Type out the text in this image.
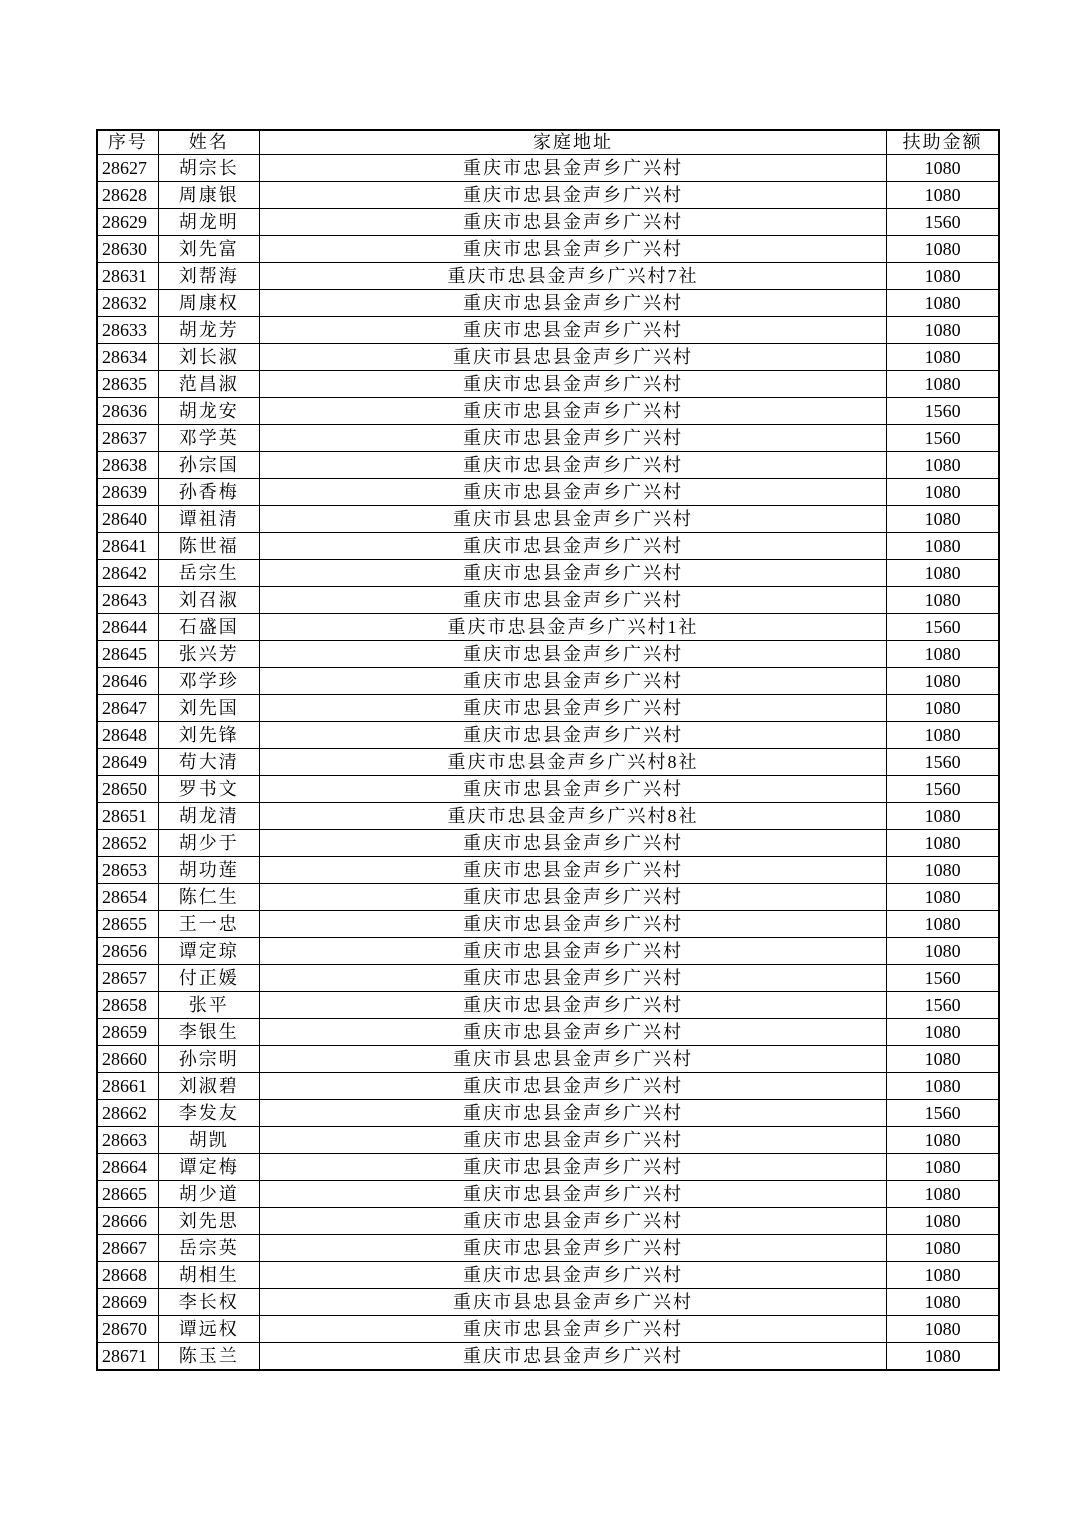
序号	姓名	家庭地址	扶助金额
28627	胡宗长	重庆市忠县金声乡广兴村	1080
28628	周康银	重庆市忠县金声乡广兴村	1080
28629	胡龙明	重庆市忠县金声乡广兴村	1560
28630	刘先富	重庆市忠县金声乡广兴村	1080
28631	刘帮海	重庆市忠县金声乡广兴村7社	1080
28632	周康权	重庆市忠县金声乡广兴村	1080
28633	胡龙芳	重庆市忠县金声乡广兴村	1080
28634	刘长淑	重庆市县忠县金声乡广兴村	1080
28635	范昌淑	重庆市忠县金声乡广兴村	1080
28636	胡龙安	重庆市忠县金声乡广兴村	1560
28637	邓学英	重庆市忠县金声乡广兴村	1560
28638	孙宗国	重庆市忠县金声乡广兴村	1080
28639	孙香梅	重庆市忠县金声乡广兴村	1080
28640	谭祖清	重庆市县忠县金声乡广兴村	1080
28641	陈世福	重庆市忠县金声乡广兴村	1080
28642	岳宗生	重庆市忠县金声乡广兴村	1080
28643	刘召淑	重庆市忠县金声乡广兴村	1080
28644	石盛国	重庆市忠县金声乡广兴村1社	1560
28645	张兴芳	重庆市忠县金声乡广兴村	1080
28646	邓学珍	重庆市忠县金声乡广兴村	1080
28647	刘先国	重庆市忠县金声乡广兴村	1080
28648	刘先锋	重庆市忠县金声乡广兴村	1080
28649	苟大清	重庆市忠县金声乡广兴村8社	1560
28650	罗书文	重庆市忠县金声乡广兴村	1560
28651	胡龙清	重庆市忠县金声乡广兴村8社	1080
28652	胡少于	重庆市忠县金声乡广兴村	1080
28653	胡功莲	重庆市忠县金声乡广兴村	1080
28654	陈仁生	重庆市忠县金声乡广兴村	1080
28655	王一忠	重庆市忠县金声乡广兴村	1080
28656	谭定琼	重庆市忠县金声乡广兴村	1080
28657	付正媛	重庆市忠县金声乡广兴村	1560
28658	张平	重庆市忠县金声乡广兴村	1560
28659	李银生	重庆市忠县金声乡广兴村	1080
28660	孙宗明	重庆市县忠县金声乡广兴村	1080
28661	刘淑碧	重庆市忠县金声乡广兴村	1080
28662	李发友	重庆市忠县金声乡广兴村	1560
28663	胡凯	重庆市忠县金声乡广兴村	1080
28664	谭定梅	重庆市忠县金声乡广兴村	1080
28665	胡少道	重庆市忠县金声乡广兴村	1080
28666	刘先思	重庆市忠县金声乡广兴村	1080
28667	岳宗英	重庆市忠县金声乡广兴村	1080
28668	胡相生	重庆市忠县金声乡广兴村	1080
28669	李长权	重庆市县忠县金声乡广兴村	1080
28670	谭远权	重庆市忠县金声乡广兴村	1080
28671	陈玉兰	重庆市忠县金声乡广兴村	1080
